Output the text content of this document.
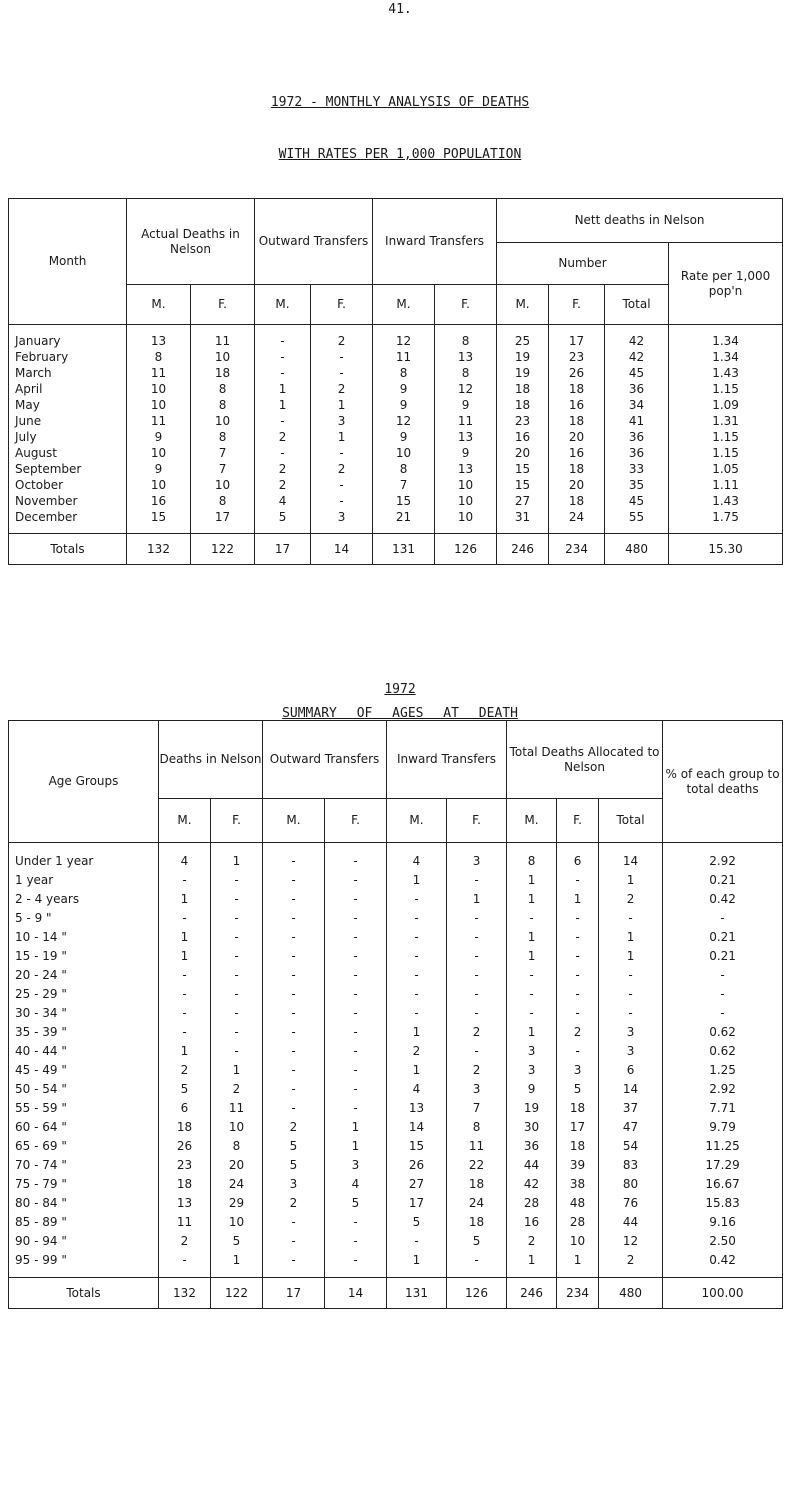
41.
1972 - MONTHLY ANALYSIS OF DEATHS
WITH RATES PER 1,000 POPULATION
Month	Actual Deaths in Nelson		Outward Transfers		Inward Transfers		Nett deaths in Nelson			
							Number			Rate per 1,000 pop'n
	M.	F.	M.	F.	M.	F.	M.	F.	Total	
January	13	11	-	2	12	8	25	17	42	1.34
February	8	10	-	-	11	13	19	23	42	1.34
March	11	18	-	-	8	8	19	26	45	1.43
April	10	8	1	2	9	12	18	18	36	1.15
May	10	8	1	1	9	9	18	16	34	1.09
June	11	10	-	3	12	11	23	18	41	1.31
July	9	8	2	1	9	13	16	20	36	1.15
August	10	7	-	-	10	9	20	16	36	1.15
September	9	7	2	2	8	13	15	18	33	1.05
October	10	10	2	-	7	10	15	20	35	1.11
November	16	8	4	-	15	10	27	18	45	1.43
December	15	17	5	3	21	10	31	24	55	1.75
Totals	132	122	17	14	131	126	246	234	480	15.30
1972
SUMMARY OF AGES AT DEATH
Age Groups	Deaths in Nelson		Outward Transfers		Inward Transfers		Total Deaths Allocated to Nelson			% of each group to total deaths
	M.	F.	M.	F.	M.	F.	M.	F.	Total	
Under 1 year	4	1	-	-	4	3	8	6	14	2.92
1 year	-	-	-	-	1	-	1	-	1	0.21
2 - 4 years	1	-	-	-	-	1	1	1	2	0.42
5 - 9 "	-	-	-	-	-	-	-	-	-	-
10 - 14 "	1	-	-	-	-	-	1	-	1	0.21
15 - 19 "	1	-	-	-	-	-	1	-	1	0.21
20 - 24 "	-	-	-	-	-	-	-	-	-	-
25 - 29 "	-	-	-	-	-	-	-	-	-	-
30 - 34 "	-	-	-	-	-	-	-	-	-	-
35 - 39 "	-	-	-	-	1	2	1	2	3	0.62
40 - 44 "	1	-	-	-	2	-	3	-	3	0.62
45 - 49 "	2	1	-	-	1	2	3	3	6	1.25
50 - 54 "	5	2	-	-	4	3	9	5	14	2.92
55 - 59 "	6	11	-	-	13	7	19	18	37	7.71
60 - 64 "	18	10	2	1	14	8	30	17	47	9.79
65 - 69 "	26	8	5	1	15	11	36	18	54	11.25
70 - 74 "	23	20	5	3	26	22	44	39	83	17.29
75 - 79 "	18	24	3	4	27	18	42	38	80	16.67
80 - 84 "	13	29	2	5	17	24	28	48	76	15.83
85 - 89 "	11	10	-	-	5	18	16	28	44	9.16
90 - 94 "	2	5	-	-	-	5	2	10	12	2.50
95 - 99 "	-	1	-	-	1	-	1	1	2	0.42
Totals	132	122	17	14	131	126	246	234	480	100.00
